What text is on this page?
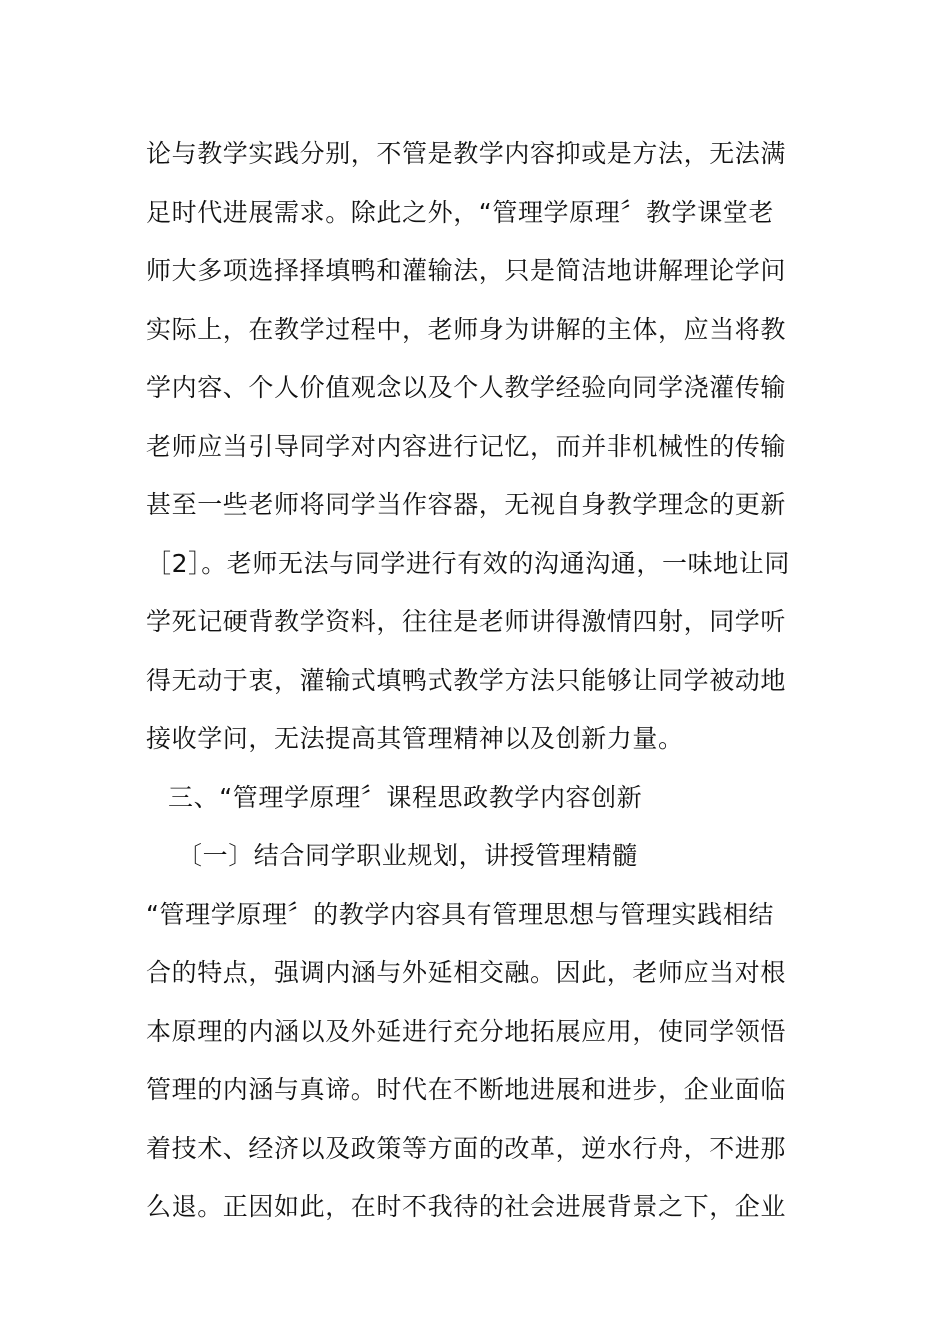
论与教学实践分别，不管是教学内容抑或是方法，无法满
足时代进展需求。除此之外，“管理学原理〞教学课堂老
师大多项选择择填鸭和灌输法，只是简洁地讲解理论学问
实际上，在教学过程中，老师身为讲解的主体，应当将教
学内容、个人价值观念以及个人教学经验向同学浇灌传输
老师应当引导同学对内容进行记忆，而并非机械性的传输
甚至一些老师将同学当作容器，无视自身教学理念的更新
［2］。老师无法与同学进行有效的沟通沟通，一味地让同
学死记硬背教学资料，往往是老师讲得激情四射，同学听
得无动于衷，灌输式填鸭式教学方法只能够让同学被动地
接收学问，无法提高其管理精神以及创新力量。
三、“管理学原理〞课程思政教学内容创新
〔一〕结合同学职业规划，讲授管理精髓
“管理学原理〞的教学内容具有管理思想与管理实践相结
合的特点，强调内涵与外延相交融。因此，老师应当对根
本原理的内涵以及外延进行充分地拓展应用，使同学领悟
管理的内涵与真谛。时代在不断地进展和进步，企业面临
着技术、经济以及政策等方面的改革，逆水行舟，不进那
么退。正因如此，在时不我待的社会进展背景之下，企业
